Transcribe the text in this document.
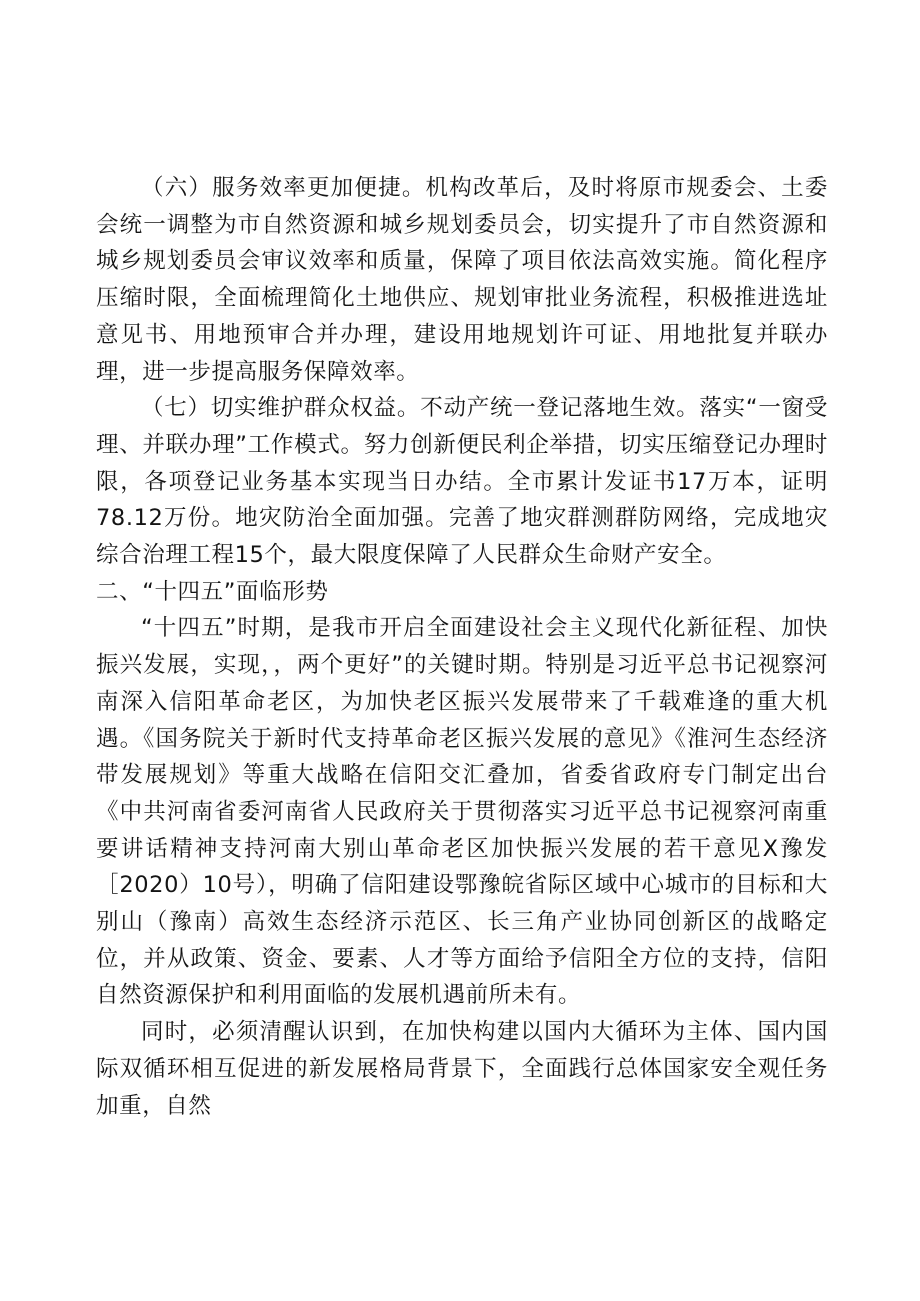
（六）服务效率更加便捷。机构改革后，及时将原市规委会、土委会统一调整为市自然资源和城乡规划委员会，切实提升了市自然资源和城乡规划委员会审议效率和质量，保障了项目依法高效实施。简化程序压缩时限，全面梳理简化土地供应、规划审批业务流程，积极推进选址意见书、用地预审合并办理，建设用地规划许可证、用地批复并联办理，进一步提高服务保障效率。

（七）切实维护群众权益。不动产统一登记落地生效。落实“一窗受理、并联办理”工作模式。努力创新便民利企举措，切实压缩登记办理时限，各项登记业务基本实现当日办结。全市累计发证书17万本，证明78.12万份。地灾防治全面加强。完善了地灾群测群防网络，完成地灾综合治理工程15个，最大限度保障了人民群众生命财产安全。

二、“十四五”面临形势

“十四五”时期，是我市开启全面建设社会主义现代化新征程、加快振兴发展，实现，，两个更好”的关键时期。特别是习近平总书记视察河南深入信阳革命老区，为加快老区振兴发展带来了千载难逢的重大机遇。《国务院关于新时代支持革命老区振兴发展的意见》《淮河生态经济带发展规划》等重大战略在信阳交汇叠加，省委省政府专门制定出台《中共河南省委河南省人民政府关于贯彻落实习近平总书记视察河南重要讲话精神支持河南大别山革命老区加快振兴发展的若干意见X豫发［2020）10号），明确了信阳建设鄂豫皖省际区域中心城市的目标和大别山（豫南）高效生态经济示范区、长三角产业协同创新区的战略定位，并从政策、资金、要素、人才等方面给予信阳全方位的支持，信阳自然资源保护和利用面临的发展机遇前所未有。

同时，必须清醒认识到，在加快构建以国内大循环为主体、国内国际双循环相互促进的新发展格局背景下，全面践行总体国家安全观任务加重，自然
